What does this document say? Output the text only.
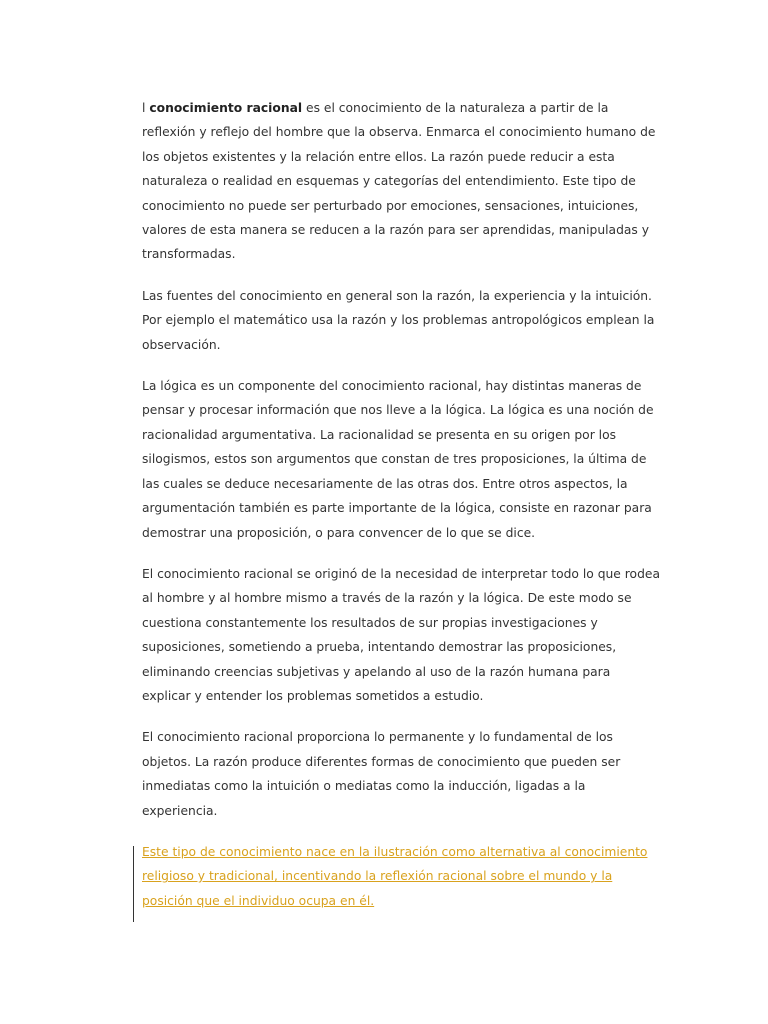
l conocimiento racional es el conocimiento de la naturaleza a partir de la reflexión y reflejo del hombre que la observa. Enmarca el conocimiento humano de los objetos existentes y la relación entre ellos. La razón puede reducir a esta naturaleza o realidad en esquemas y categorías del entendimiento. Este tipo de conocimiento no puede ser perturbado por emociones, sensaciones, intuiciones, valores de esta manera se reducen a la razón para ser aprendidas, manipuladas y transformadas.

Las fuentes del conocimiento en general son la razón, la experiencia y la intuición. Por ejemplo el matemático usa la razón y los problemas antropológicos emplean la observación.

La lógica es un componente del conocimiento racional, hay distintas maneras de pensar y procesar información que nos lleve a la lógica. La lógica es una noción de racionalidad argumentativa. La racionalidad se presenta en su origen por los silogismos, estos son argumentos que constan de tres proposiciones, la última de las cuales se deduce necesariamente de las otras dos. Entre otros aspectos, la argumentación también es parte importante de la lógica, consiste en razonar para demostrar una proposición, o para convencer de lo que se dice.

El conocimiento racional se originó de la necesidad de interpretar todo lo que rodea al hombre y al hombre mismo a través de la razón y la lógica. De este modo se cuestiona constantemente los resultados de sur propias investigaciones y suposiciones, sometiendo a prueba, intentando demostrar las proposiciones, eliminando creencias subjetivas y apelando al uso de la razón humana para explicar y entender los problemas sometidos a estudio.

El conocimiento racional proporciona lo permanente y lo fundamental de los objetos. La razón produce diferentes formas de conocimiento que pueden ser inmediatas como la intuición o mediatas como la inducción, ligadas a la experiencia.

Este tipo de conocimiento nace en la ilustración como alternativa al conocimiento religioso y tradicional, incentivando la reflexión racional sobre el mundo y la posición que el individuo ocupa en él.
